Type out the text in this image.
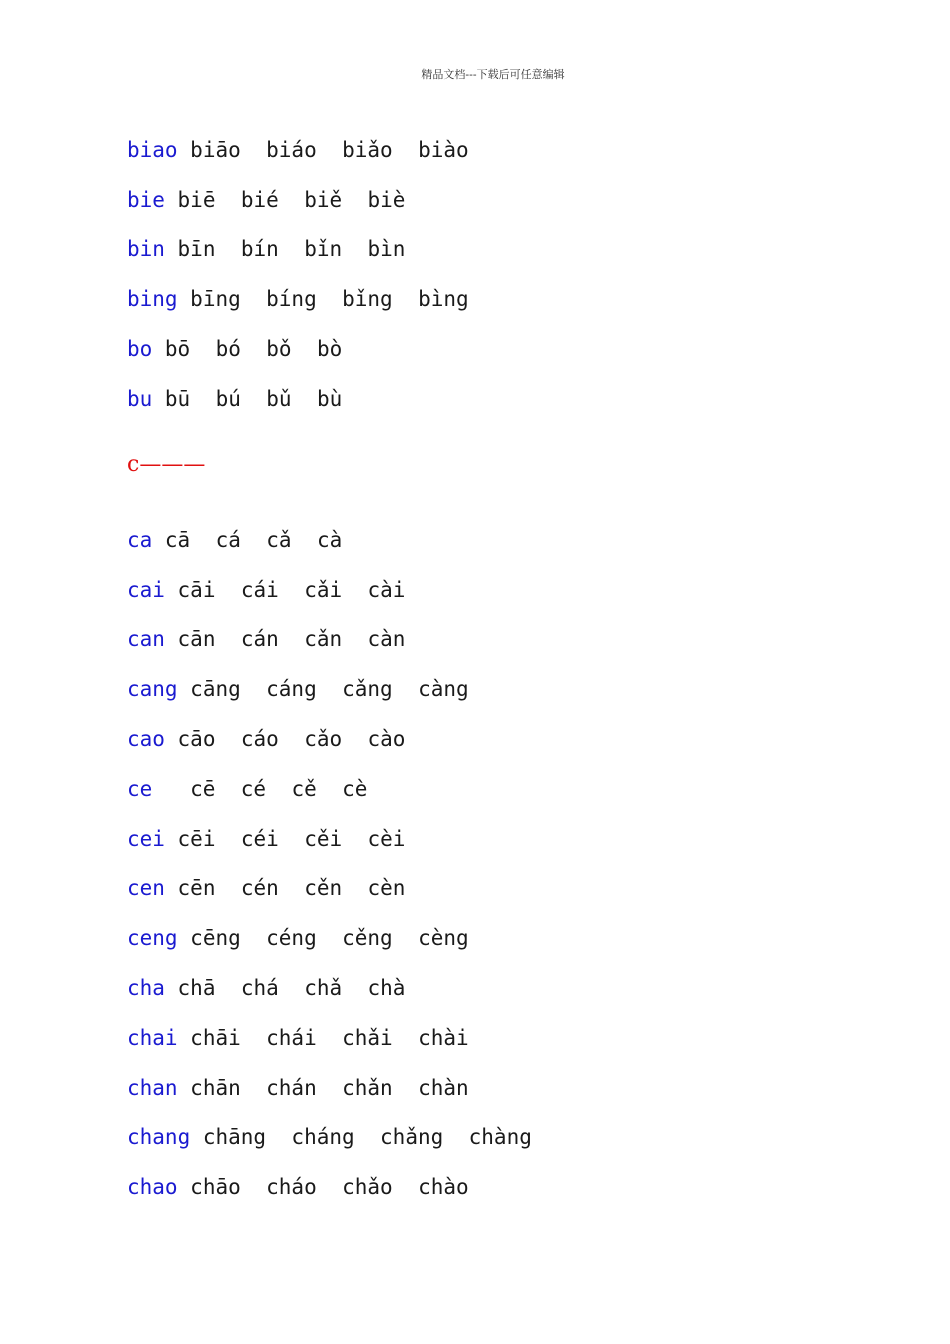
精品文档---下载后可任意编辑
biao biāo biáo biǎo biào
bie biē bié biě biè
bin bīn bín bǐn bìn
bing bīng bíng bǐng bìng
bo bō bó bǒ bò
bu bū bú bǔ bù
c———
ca cā cá cǎ cà
cai cāi cái cǎi cài
can cān cán cǎn càn
cang cāng cáng cǎng càng
cao cāo cáo cǎo cào
ce cē cé cě cè
cei cēi céi cěi cèi
cen cēn cén cěn cèn
ceng cēng céng cěng cèng
cha chā chá chǎ chà
chai chāi chái chǎi chài
chan chān chán chǎn chàn
chang chāng cháng chǎng chàng
chao chāo cháo chǎo chào
